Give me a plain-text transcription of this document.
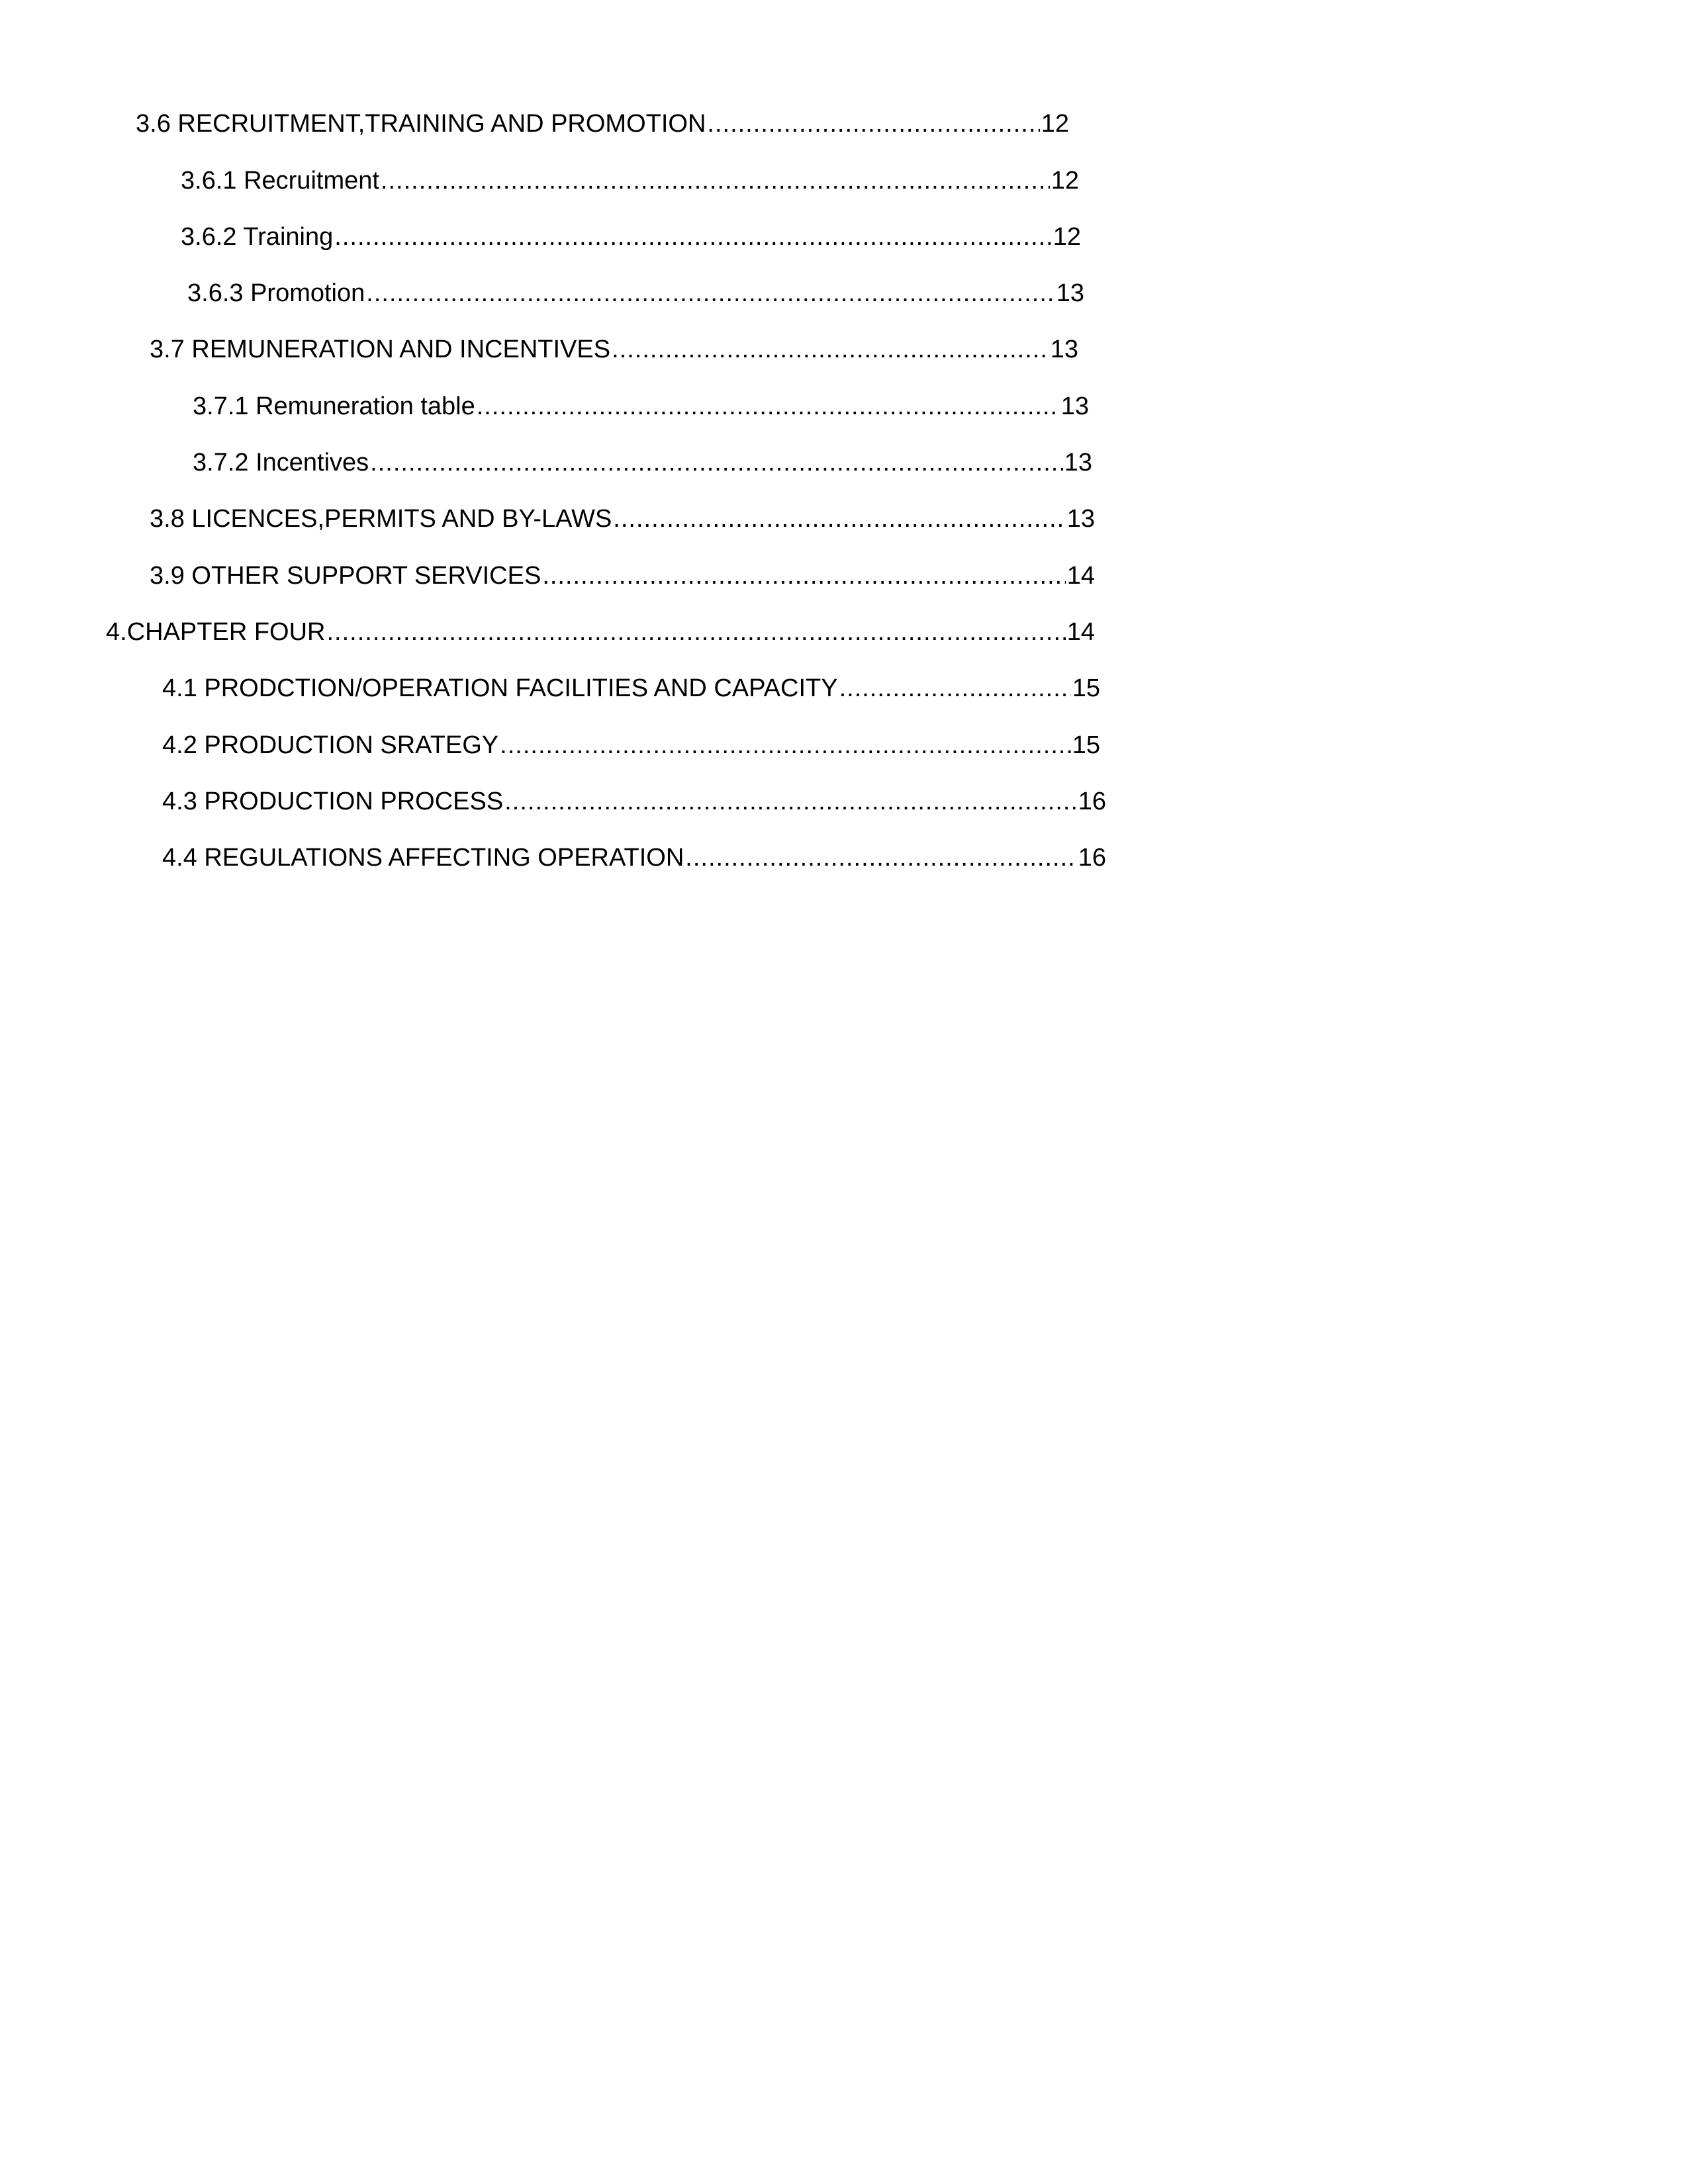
3.6 RECRUITMENT,TRAINING AND PROMOTION .....	12
3.6.1 Recruitment .....	12
3.6.2 Training .....	12
3.6.3 Promotion .....	13
3.7 REMUNERATION AND INCENTIVES .....	13
3.7.1 Remuneration table .....	13
3.7.2 Incentives .....	13
3.8 LICENCES,PERMITS AND BY-LAWS .....	13
3.9 OTHER SUPPORT SERVICES .....	14
4.CHAPTER FOUR .....	14
4.1 PRODCTION/OPERATION FACILITIES AND CAPACITY .....	15
4.2 PRODUCTION SRATEGY .....	15
4.3 PRODUCTION PROCESS .....	16
4.4 REGULATIONS AFFECTING OPERATION .....	16
